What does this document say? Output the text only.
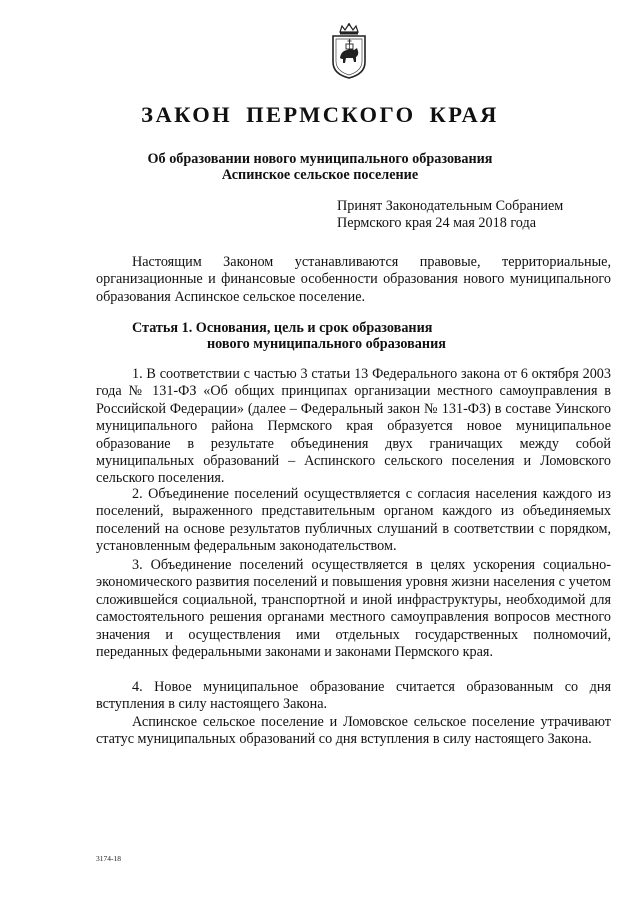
ЗАКОН ПЕРМСКОГО КРАЯ
Об образовании нового муниципального образования
Аспинское сельское поселение
Принят Законодательным Собранием
Пермского края 24 мая 2018 года
Настоящим Законом устанавливаются правовые, территориальные, организационные и финансовые особенности образования нового муниципального образования Аспинское сельское поселение.
Статья 1. Основания, цель и срок образования
нового муниципального образования
1. В соответствии с частью 3 статьи 13 Федерального закона от 6 октября 2003 года № 131-ФЗ «Об общих принципах организации местного самоуправления в Российской Федерации» (далее – Федеральный закон № 131-ФЗ) в составе Уинского муниципального района Пермского края образуется новое муниципальное образование в результате объединения двух граничащих между собой муниципальных образований – Аспинского сельского поселения и Ломовского сельского поселения.
2. Объединение поселений осуществляется с согласия населения каждого из поселений, выраженного представительным органом каждого из объединяемых поселений на основе результатов публичных слушаний в соответствии с порядком, установленным федеральным законодательством.
3. Объединение поселений осуществляется в целях ускорения социально-экономического развития поселений и повышения уровня жизни населения с учетом сложившейся социальной, транспортной и иной инфраструктуры, необходимой для самостоятельного решения органами местного самоуправления вопросов местного значения и осуществления ими отдельных государственных полномочий, переданных федеральными законами и законами Пермского края.
4. Новое муниципальное образование считается образованным со дня вступления в силу настоящего Закона.
Аспинское сельское поселение и Ломовское сельское поселение утрачивают статус муниципальных образований со дня вступления в силу настоящего Закона.
3174-18
